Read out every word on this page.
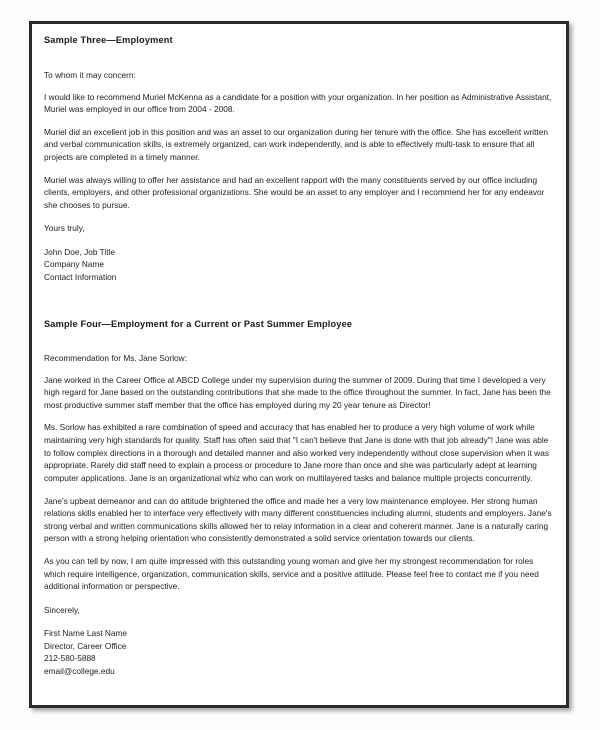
Sample Three—Employment

To whom it may concern:

I would like to recommend Muriel McKenna as a candidate for a position with your organization. In her position as Administrative Assistant, Muriel was employed in our office from 2004 - 2008.

Muriel did an excellent job in this position and was an asset to our organization during her tenure with the office. She has excellent written and verbal communication skills, is extremely organized, can work independently, and is able to effectively multi-task to ensure that all projects are completed in a timely manner.

Muriel was always willing to offer her assistance and had an excellent rapport with the many constituents served by our office including clients, employers, and other professional organizations. She would be an asset to any employer and I recommend her for any endeavor she chooses to pursue.

Yours truly,

John Doe, Job Title

Company Name

Contact Information

Sample Four—Employment for a Current or Past Summer Employee

Recommendation for Ms. Jane Sorlow:

Jane worked in the Career Office at ABCD College under my supervision during the summer of 2009. During that time I developed a very high regard for Jane based on the outstanding contributions that she made to the office throughout the summer. In fact, Jane has been the most productive summer staff member that the office has employed during my 20 year tenure as Director!

Ms. Sorlow has exhibited a rare combination of speed and accuracy that has enabled her to produce a very high volume of work while maintaining very high standards for quality. Staff has often said that "I can't believe that Jane is done with that job already"! Jane was able to follow complex directions in a thorough and detailed manner and also worked very independently without close supervision when it was appropriate. Rarely did staff need to explain a process or procedure to Jane more than once and she was particularly adept at learning computer applications. Jane is an organizational whiz who can work on multilayered tasks and balance multiple projects concurrently.

Jane's upbeat demeanor and can do attitude brightened the office and made her a very low maintenance employee. Her strong human relations skills enabled her to interface very effectively with many different constituencies including alumni, students and employers. Jane's strong verbal and written communications skills allowed her to relay information in a clear and coherent manner. Jane is a naturally caring person with a strong helping orientation who consistently demonstrated a solid service orientation towards our clients.

As you can tell by now, I am quite impressed with this outstanding young woman and give her my strongest recommendation for roles which require intelligence, organization, communication skills, service and a positive attitude. Please feel free to contact me if you need additional information or perspective.

Sincerely,

First Name Last Name

Director, Career Office

212-580-5888

email@college.edu
